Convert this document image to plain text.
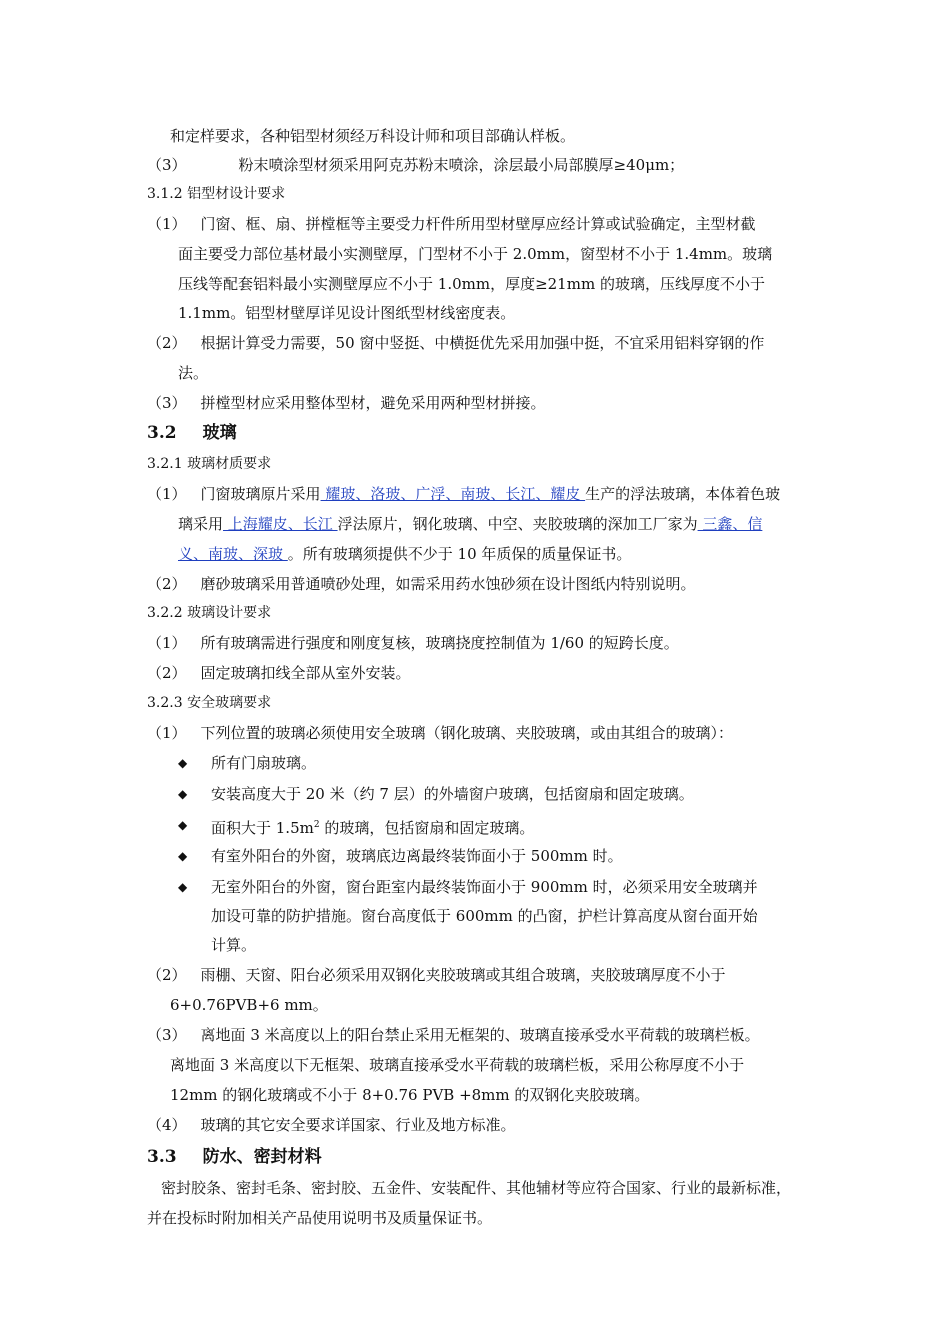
和定样要求，各种铝型材须经万科设计师和项目部确认样板。
（3）	粉末喷涂型材须采用阿克苏粉末喷涂，涂层最小局部膜厚≥40μm；
3.1.2 铝型材设计要求
（1） 门窗、框、扇、拼樘框等主要受力杆件所用型材壁厚应经计算或试验确定，主型材截
面主要受力部位基材最小实测壁厚，门型材不小于 2.0mm，窗型材不小于 1.4mm。玻璃
压线等配套铝料最小实测壁厚应不小于 1.0mm，厚度≥21mm 的玻璃，压线厚度不小于
1.1mm。铝型材壁厚详见设计图纸型材线密度表。
（2） 根据计算受力需要，50 窗中竖挺、中横挺优先采用加强中挺，不宜采用铝料穿钢的作
法。
（3） 拼樘型材应采用整体型材，避免采用两种型材拼接。
3.2 玻璃
3.2.1 玻璃材质要求
（1） 门窗玻璃原片采用 耀玻、洛玻、广浮、南玻、长江、耀皮 生产的浮法玻璃，本体着色玻
璃采用 上海耀皮、长江 浮法原片，钢化玻璃、中空、夹胶玻璃的深加工厂家为 三鑫、信
义、南玻、深玻 。所有玻璃须提供不少于 10 年质保的质量保证书。
（2） 磨砂玻璃采用普通喷砂处理，如需采用药水蚀砂须在设计图纸内特别说明。
3.2.2 玻璃设计要求
（1） 所有玻璃需进行强度和刚度复核，玻璃挠度控制值为 1/60 的短跨长度。
（2） 固定玻璃扣线全部从室外安装。
3.2.3 安全玻璃要求
（1） 下列位置的玻璃必须使用安全玻璃（钢化玻璃、夹胶玻璃，或由其组合的玻璃）：
◆ 所有门扇玻璃。
◆ 安装高度大于 20 米（约 7 层）的外墙窗户玻璃，包括窗扇和固定玻璃。
◆ 面积大于 $1.5m^2$ 的玻璃，包括窗扇和固定玻璃。
◆ 有室外阳台的外窗，玻璃底边离最终装饰面小于 500mm 时。
◆ 无室外阳台的外窗，窗台距室内最终装饰面小于 900mm 时，必须采用安全玻璃并
加设可靠的防护措施。窗台高度低于 600mm 的凸窗，护栏计算高度从窗台面开始
计算。
（2） 雨棚、天窗、阳台必须采用双钢化夹胶玻璃或其组合玻璃，夹胶玻璃厚度不小于
6+0.76PVB+6 mm。
（3） 离地面 3 米高度以上的阳台禁止采用无框架的、玻璃直接承受水平荷载的玻璃栏板。
离地面 3 米高度以下无框架、玻璃直接承受水平荷载的玻璃栏板，采用公称厚度不小于
12mm 的钢化玻璃或不小于 8+0.76 PVB +8mm 的双钢化夹胶玻璃。
（4） 玻璃的其它安全要求详国家、行业及地方标准。
3.3 防水、密封材料
密封胶条、密封毛条、密封胶、五金件、安装配件、其他辅材等应符合国家、行业的最新标准，
并在投标时附加相关产品使用说明书及质量保证书。
